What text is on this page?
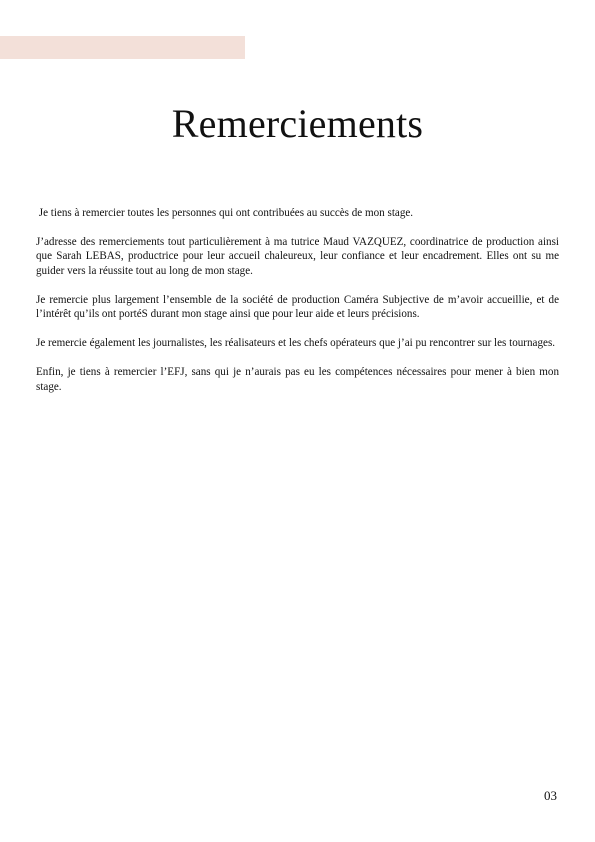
Remerciements

Je tiens à remercier toutes les personnes qui ont contribuées au succès de mon stage.

J’adresse des remerciements tout particulièrement à ma tutrice Maud VAZQUEZ, coordinatrice de production ainsi que Sarah LEBAS, productrice pour leur accueil chaleureux, leur confiance et leur encadrement. Elles ont su me guider vers la réussite tout au long de mon stage.

Je remercie plus largement l’ensemble de la société de production Caméra Subjective de m’avoir accueillie, et de l’intérêt qu’ils ont portéS durant mon stage ainsi que pour leur aide et leurs précisions.

Je remercie également les journalistes, les réalisateurs et les chefs opérateurs que j’ai pu rencontrer sur les tournages.

Enfin, je tiens à remercier l’EFJ, sans qui je n’aurais pas eu les compétences nécessaires pour mener à bien mon stage.

03
